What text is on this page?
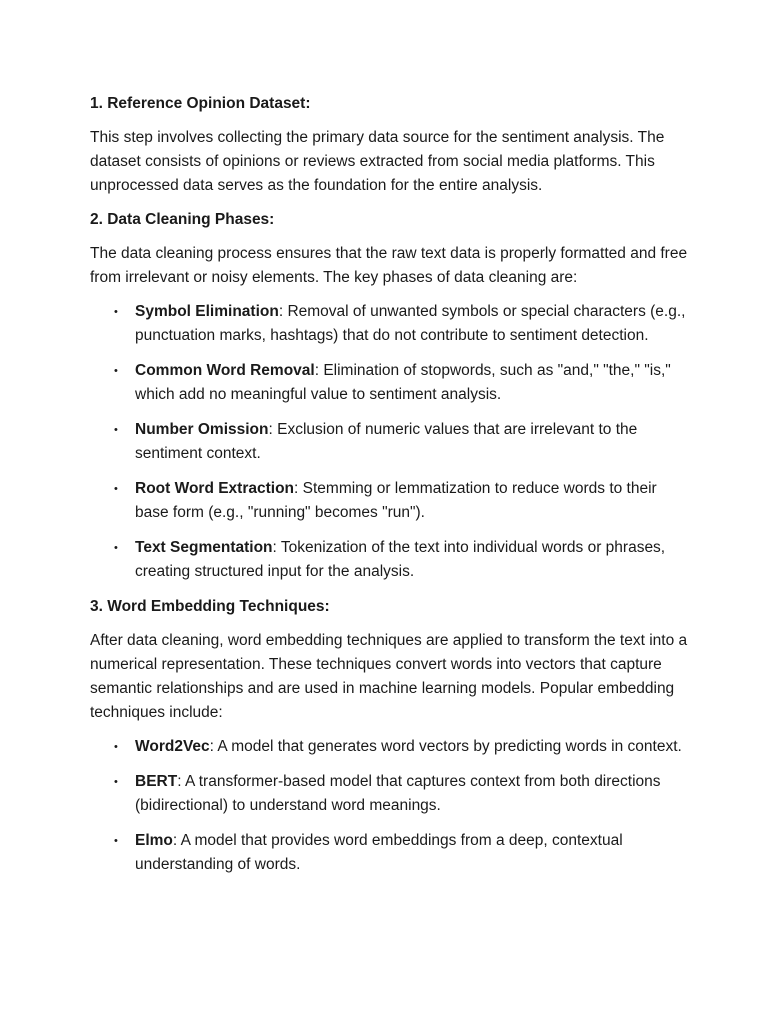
1. Reference Opinion Dataset:
This step involves collecting the primary data source for the sentiment analysis. The dataset consists of opinions or reviews extracted from social media platforms. This unprocessed data serves as the foundation for the entire analysis.
2. Data Cleaning Phases:
The data cleaning process ensures that the raw text data is properly formatted and free from irrelevant or noisy elements. The key phases of data cleaning are:
• Symbol Elimination: Removal of unwanted symbols or special characters (e.g., punctuation marks, hashtags) that do not contribute to sentiment detection.
• Common Word Removal: Elimination of stopwords, such as "and," "the," "is," which add no meaningful value to sentiment analysis.
• Number Omission: Exclusion of numeric values that are irrelevant to the sentiment context.
• Root Word Extraction: Stemming or lemmatization to reduce words to their base form (e.g., "running" becomes "run").
• Text Segmentation: Tokenization of the text into individual words or phrases, creating structured input for the analysis.
3. Word Embedding Techniques:
After data cleaning, word embedding techniques are applied to transform the text into a numerical representation. These techniques convert words into vectors that capture semantic relationships and are used in machine learning models. Popular embedding techniques include:
• Word2Vec: A model that generates word vectors by predicting words in context.
• BERT: A transformer-based model that captures context from both directions (bidirectional) to understand word meanings.
• Elmo: A model that provides word embeddings from a deep, contextual understanding of words.
